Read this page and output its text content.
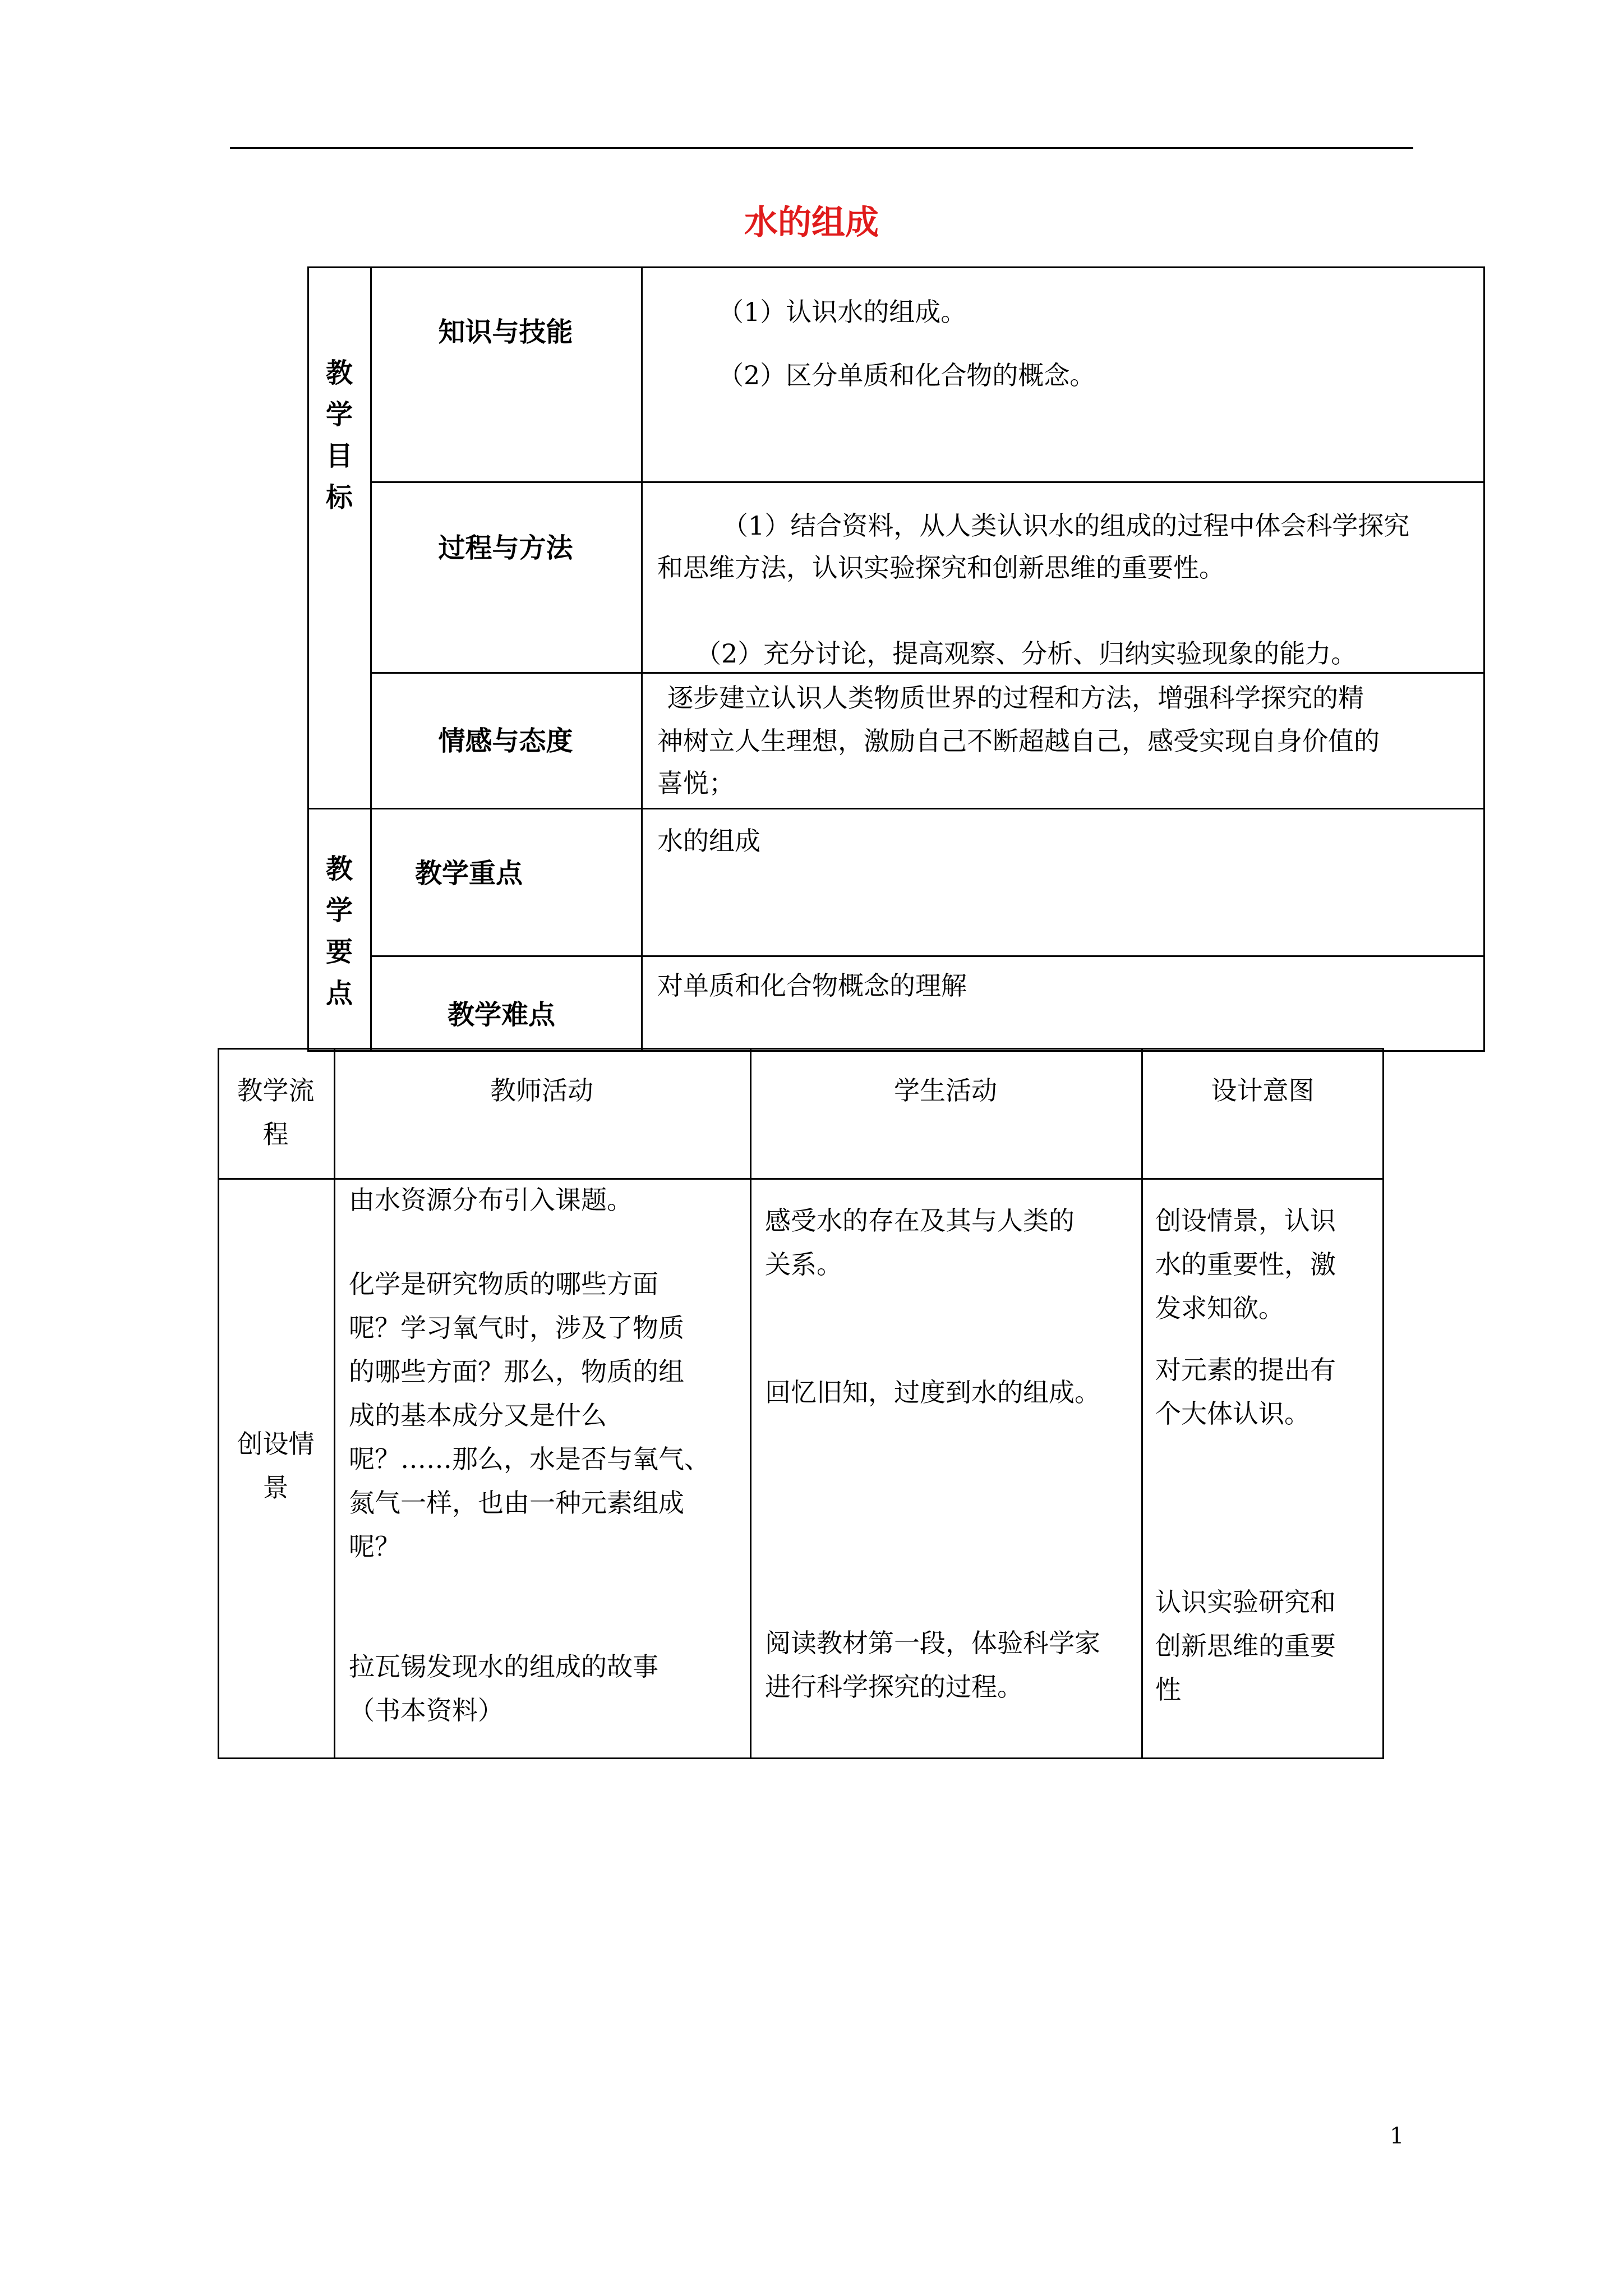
水的组成
教
学
目
标
知识与技能
（1）认识水的组成。
（2）区分单质和化合物的概念。
过程与方法
（1）结合资料，从人类认识水的组成的过程中体会科学探究
和思维方法，认识实验探究和创新思维的重要性。
（2）充分讨论，提高观察、分析、归纳实验现象的能力。
情感与态度
逐步建立认识人类物质世界的过程和方法，增强科学探究的精
神树立人生理想，激励自己不断超越自己，感受实现自身价值的
喜悦；
教
学
要
点
教学重点
水的组成
教学难点
对单质和化合物概念的理解
教学流
程
教师活动	学生活动	设计意图
创设情
景
由水资源分布引入课题。
化学是研究物质的哪些方面
呢？学习氧气时，涉及了物质
的哪些方面？那么，物质的组
成的基本成分又是什么
呢？……那么，水是否与氧气、
氮气一样，也由一种元素组成
呢？
拉瓦锡发现水的组成的故事
（书本资料）
感受水的存在及其与人类的
关系。
回忆旧知，过度到水的组成。
阅读教材第一段，体验科学家
进行科学探究的过程。
创设情景，认识
水的重要性，激
发求知欲。
对元素的提出有
个大体认识。
认识实验研究和
创新思维的重要
性
1
